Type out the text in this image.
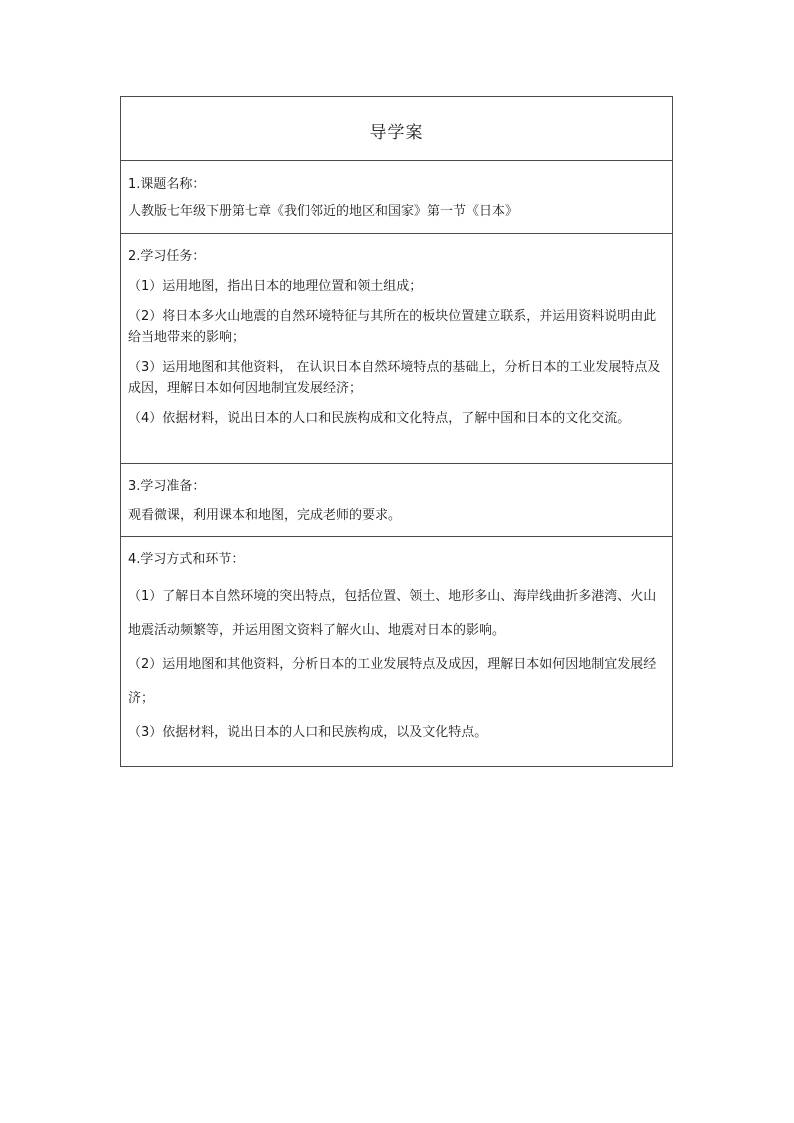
导学案
1.课题名称：
人教版七年级下册第七章《我们邻近的地区和国家》第一节《日本》
2.学习任务：
（1）运用地图，指出日本的地理位置和领土组成；
（2）将日本多火山地震的自然环境特征与其所在的板块位置建立联系，并运用资料说明由此给当地带来的影响；
（3）运用地图和其他资料， 在认识日本自然环境特点的基础上，分析日本的工业发展特点及成因，理解日本如何因地制宜发展经济；
（4）依据材料，说出日本的人口和民族构成和文化特点，了解中国和日本的文化交流。
3.学习准备：
观看微课，利用课本和地图，完成老师的要求。
4.学习方式和环节：
（1）了解日本自然环境的突出特点，包括位置、领土、地形多山、海岸线曲折多港湾、火山地震活动频繁等，并运用图文资料了解火山、地震对日本的影响。
（2）运用地图和其他资料，分析日本的工业发展特点及成因，理解日本如何因地制宜发展经济；
（3）依据材料，说出日本的人口和民族构成，以及文化特点。
